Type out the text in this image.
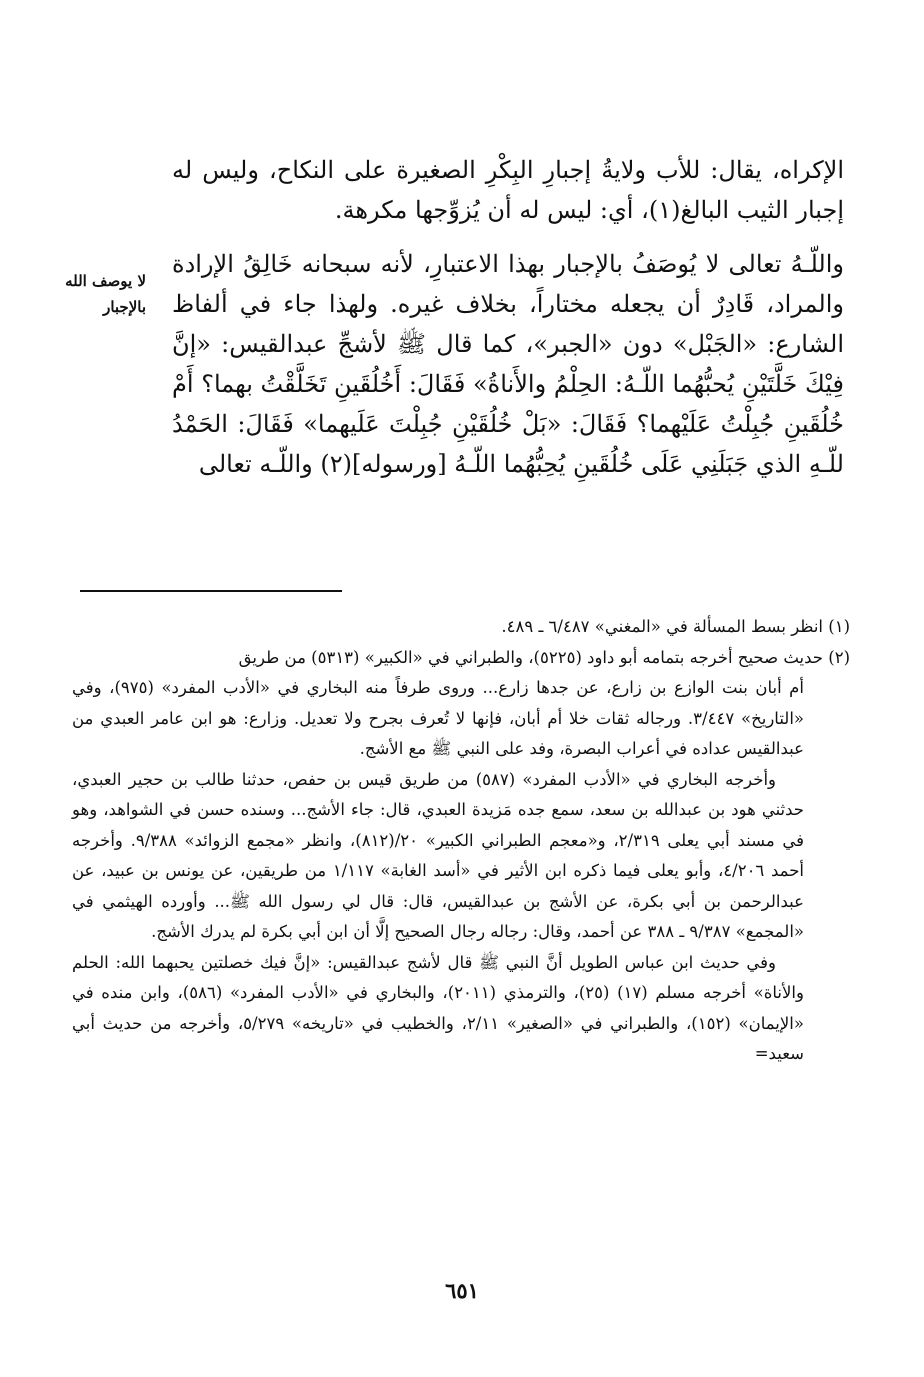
الإكراه، يقال: للأب ولايةُ إجبارِ البِكْرِ الصغيرة على النكاح، وليس له إجبار الثيب البالغ(١)، أي: ليس له أن يُزوِّجها مكرهة.

واللّـهُ تعالى لا يُوصَفُ بالإجبار بهذا الاعتبارِ، لأنه سبحانه خَالِقُ الإرادة والمراد، قَادِرٌ أن يجعله مختاراً، بخلاف غيره. ولهذا جاء في ألفاظ الشارع: «الجَبْل» دون «الجبر»، كما قال ﷺ لأشجِّ عبدالقيس: «إنَّ فِيْكَ خَلَّتَيْنِ يُحبُّهُما اللّـهُ: الحِلْمُ والأَناةُ» فَقَالَ: أَخُلُقَينِ تَخَلَّقْتُ بهما؟ أَمْ خُلُقَينِ جُبِلْتُ عَلَيْهما؟ فَقَالَ: «بَلْ خُلُقَيْنِ جُبِلْتَ عَلَيهما» فَقَالَ: الحَمْدُ للّـهِ الذي جَبَلَنِي عَلَى خُلُقَينِ يُحِبُّهُما اللّـهُ [ورسوله](٢) واللّـه تعالى

لا يوصف الله بالإجبار

(١) انظر بسط المسألة في «المغني» ٦/٤٨٧ ـ ٤٨٩.

(٢) حديث صحيح أخرجه بتمامه أبو داود (٥٢٢٥)، والطبراني في «الكبير» (٥٣١٣) من طريق

أم أبان بنت الوازع بن زارع، عن جدها زارع... وروى طرفاً منه البخاري في «الأدب المفرد» (٩٧٥)، وفي «التاريخ» ٣/٤٤٧. ورجاله ثقات خلا أم أبان، فإنها لا تُعرف بجرح ولا تعديل. وزارع: هو ابن عامر العبدي من عبدالقيس عداده في أعراب البصرة، وفد على النبي ﷺ مع الأشج.

وأخرجه البخاري في «الأدب المفرد» (٥٨٧) من طريق قيس بن حفص، حدثنا طالب بن حجير العبدي، حدثني هود بن عبدالله بن سعد، سمع جده مَزيدة العبدي، قال: جاء الأشج... وسنده حسن في الشواهد، وهو في مسند أبي يعلى ٢/٣١٩، و«معجم الطبراني الكبير» ٢٠/(٨١٢)، وانظر «مجمع الزوائد» ٩/٣٨٨. وأخرجه أحمد ٤/٢٠٦، وأبو يعلى فيما ذكره ابن الأثير في «أسد الغابة» ١/١١٧ من طريقين، عن يونس بن عبيد، عن عبدالرحمن بن أبي بكرة، عن الأشج بن عبدالقيس، قال: قال لي رسول الله ﷺ... وأورده الهيثمي في «المجمع» ٩/٣٨٧ ـ ٣٨٨ عن أحمد، وقال: رجاله رجال الصحيح إلَّا أن ابن أبي بكرة لم يدرك الأشج.

وفي حديث ابن عباس الطويل أنَّ النبي ﷺ قال لأشج عبدالقيس: «إنَّ فيك خصلتين يحبهما الله: الحلم والأناة» أخرجه مسلم (١٧) (٢٥)، والترمذي (٢٠١١)، والبخاري في «الأدب المفرد» (٥٨٦)، وابن منده في «الإيمان» (١٥٢)، والطبراني في «الصغير» ٢/١١، والخطيب في «تاريخه» ٥/٢٧٩، وأخرجه من حديث أبي سعيد=

٦٥١
